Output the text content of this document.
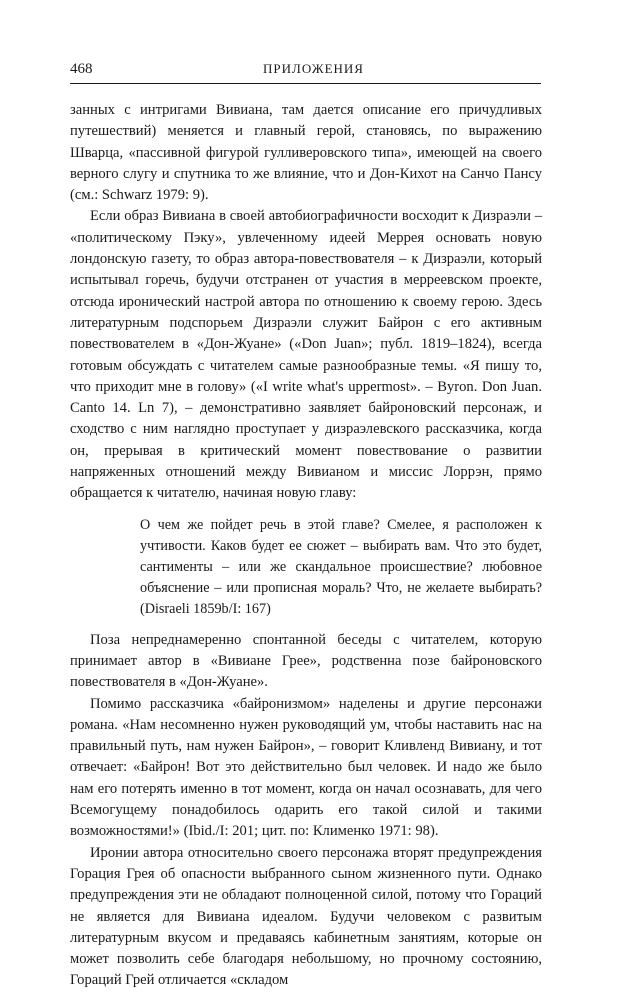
468	ПРИЛОЖЕНИЯ

занных с интригами Вивиана, там дается описание его причудливых путешествий) меняется и главный герой, становясь, по выражению Шварца, «пассивной фигурой гулливеровского типа», имеющей на своего верного слугу и спутника то же влияние, что и Дон-Кихот на Санчо Пансу (см.: Schwarz 1979: 9).

Если образ Вивиана в своей автобиографичности восходит к Дизраэли – «политическому Пэку», увлеченному идеей Меррея основать новую лондонскую газету, то образ автора-повествователя – к Дизраэли, который испытывал горечь, будучи отстранен от участия в мерреевском проекте, отсюда иронический настрой автора по отношению к своему герою. Здесь литературным подспорьем Дизраэли служит Байрон с его активным повествователем в «Дон-Жуане» («Don Juan»; публ. 1819–1824), всегда готовым обсуждать с читателем самые разнообразные темы. «Я пишу то, что приходит мне в голову» («I write what's uppermost». – Byron. Don Juan. Canto 14. Ln 7), – демонстративно заявляет байроновский персонаж, и сходство с ним наглядно проступает у дизраэлевского рассказчика, когда он, прерывая в критический момент повествование о развитии напряженных отношений между Вивианом и миссис Лоррэн, прямо обращается к читателю, начиная новую главу:

О чем же пойдет речь в этой главе? Смелее, я расположен к учтивости. Каков будет ее сюжет – выбирать вам. Что это будет, сантименты – или же скандальное происшествие? любовное объяснение – или прописная мораль? Что, не желаете выбирать? (Disraeli 1859b/I: 167)

Поза непреднамеренно спонтанной беседы с читателем, которую принимает автор в «Вивиане Грее», родственна позе байроновского повествователя в «Дон-Жуане».

Помимо рассказчика «байронизмом» наделены и другие персонажи романа. «Нам несомненно нужен руководящий ум, чтобы наставить нас на правильный путь, нам нужен Байрон», – говорит Кливленд Вивиану, и тот отвечает: «Байрон! Вот это действительно был человек. И надо же было нам его потерять именно в тот момент, когда он начал осознавать, для чего Всемогущему понадобилось одарить его такой силой и такими возможностями!» (Ibid./I: 201; цит. по: Клименко 1971: 98).

Иронии автора относительно своего персонажа вторят предупреждения Горация Грея об опасности выбранного сыном жизненного пути. Однако предупреждения эти не обладают полноценной силой, потому что Гораций не является для Вивиана идеалом. Будучи человеком с развитым литературным вкусом и предаваясь кабинетным занятиям, которые он может позволить себе благодаря небольшому, но прочному состоянию, Гораций Грей отличается «складом
